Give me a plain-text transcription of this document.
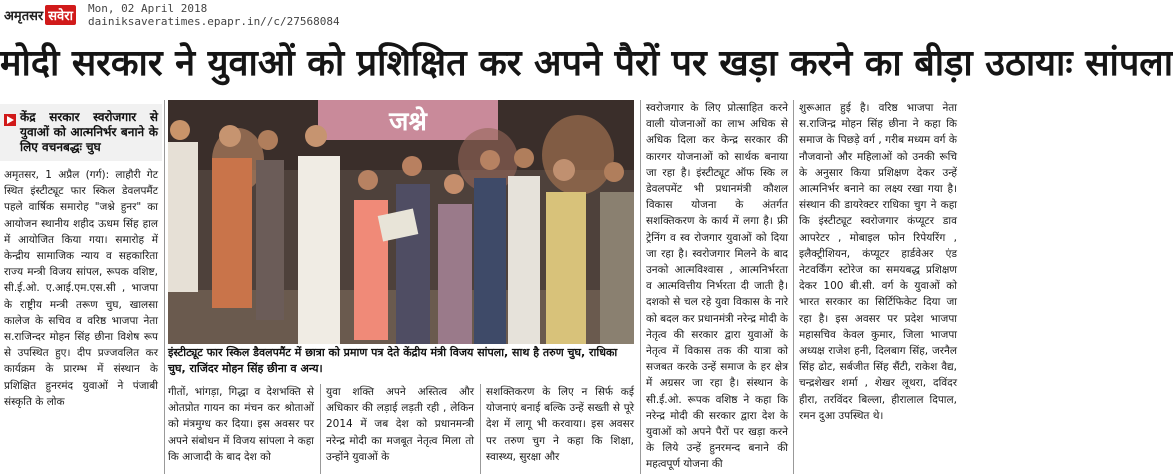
अमृतसर सवेरा
Mon, 02 April 2018
dainiksaveratimes.epapr.in//c/27568084
मोदी सरकार ने युवाओं को प्रशिक्षित कर अपने पैरों पर खड़ा करने का बीड़ा उठायाः सांपला
केंद्र सरकार स्वरोजगार से युवाओं को आत्मनिर्भर बनाने के लिए वचनबद्धः चुघ

अमृतसर, 1 अप्रैल (गर्ग): लाहौरी गेट स्थित इंस्टीट्यूट फार स्किल डेवलपमैंट पहले वार्षिक समारोह "जश्ने हुनर" का आयोजन स्थानीय शहीद ऊधम सिंह हाल में आयोजित किया गया। समारोह में केन्द्रीय सामाजिक न्याय व सहकारिता राज्य मन्त्री विजय सांपल, रूपक वशिष्ट, सी.ई.ओ. ए.आई.एम.एस.सी , भाजपा के राष्ट्रीय मन्त्री तरूण चुघ, खालसा कालेज के सचिव व वरिष्ठ भाजपा नेता स.राजिन्दर मोहन सिंह छीना विशेष रूप से उपस्थित हुए। दीप प्रज्जवलित कर कार्यक्रम के प्रारम्भ में संस्थान के प्रशिक्षित हुनरमंद युवाओं ने पंजाबी संस्कृति के लोक

जश्ने
इंस्टीट्यूट फार स्किल डैवलपमैंट में छात्रा को प्रमाण पत्र देते केंद्रीय मंत्री विजय सांपला, साथ है तरुण चुघ, राधिका चुघ, राजिंदर मोहन सिंह छीना व अन्य।

गीतों, भांगड़ा, गिद्धा व देशभक्ति से ओतप्रोत गायन का मंचन कर श्रोताओं को मंत्रमुग्ध कर दिया। इस अवसर पर अपने संबोधन में विजय सांपला ने कहा कि आजादी के बाद देश को

युवा शक्ति अपने अस्तित्व और अधिकार की लड़ाई लड़ती रही , लेकिन 2014 में जब देश को प्रधानमन्त्री नरेन्द्र मोदी का मजबूत नेतृत्व मिला तो उन्होंने युवाओं के

सशक्तिकरण के लिए न सिर्फ कई योजनाएं बनाई बल्कि उन्हें सख्ती से पूरे देश में लागू भी करवाया। इस अवसर पर तरुण चुग ने कहा कि शिक्षा, स्वास्थ्य, सुरक्षा और

स्वरोजगार के लिए प्रोत्साहित करने वाली योजनाओं का लाभ अधिक से अधिक दिला कर केन्द्र सरकार की कारगर योजनाओं को सार्थक बनाया जा रहा है। इंस्टीट्यूट ऑफ स्कि ल डेवलपमेंट भी प्रधानमंत्री कौशल विकास योजना के अंतर्गत सशक्तिकरण के कार्य में लगा है। फ्री ट्रेनिंग व स्व रोजगार युवाओं को दिया जा रहा है। स्वरोजगार मिलने के बाद उनको आत्मविश्वास , आत्मनिर्भरता व आत्मवित्तीय निर्भरता दी जाती है। दशको से चल रहे युवा विकास के नारे को बदल कर प्रधानमंत्री नरेन्द्र मोदी के नेतृत्व की सरकार द्वारा युवाओं के नेतृत्व में विकास तक की यात्रा को सजबत करके उन्हें समाज के हर क्षेत्र में अग्रसर जा रहा है। संस्थान के सी.ई.ओ. रूपक वशिष्ठ ने कहा कि नरेन्द्र मोदी की सरकार द्वारा देश के युवाओं को अपने पैरों पर खड़ा करने के लिये उन्हें हुनरमन्द बनाने की महत्वपूर्ण योजना की

शुरूआत हुई है। वरिष्ठ भाजपा नेता स.राजिन्द्र मोहन सिंह छीना ने कहा कि समाज के पिछड़े वर्ग , गरीब मध्यम वर्ग के नौजवानो और महिलाओं को उनकी रूचि के अनुसार किया प्रशिक्षण देकर उन्हें आत्मनिर्भर बनाने का लक्ष्य रखा गया है। संस्थान की डायरेक्टर राधिका चुग ने कहा कि इंस्टीट्यूट स्वरोजगार कंप्यूटर डाव आपरेटर , मोबाइल फोन रिपेयरिंग , इलैक्ट्रीशियन, कंप्यूटर हार्डवेअर एंड नेटवर्किंग स्टोरेज का समयबद्ध प्रशिक्षण देकर 100 बी.सी. वर्ग के युवाओं को भारत सरकार का सिर्टिफिकेट दिया जा रहा है। इस अवसर पर प्रदेश भाजपा महासचिव केवल कुमार, जिला भाजपा अध्यक्ष राजेश हनी, दिलबाग सिंह, जरनैल सिंह ढोट, सर्बजीत सिंह सैंटी, राकेश वैद्य, चन्द्रशेखर शर्मा , शेखर लूथरा, दविंदर हीरा, तरविंदर बिल्ला, हीरालाल दिपाल, रमन दुआ उपस्थित थे।
